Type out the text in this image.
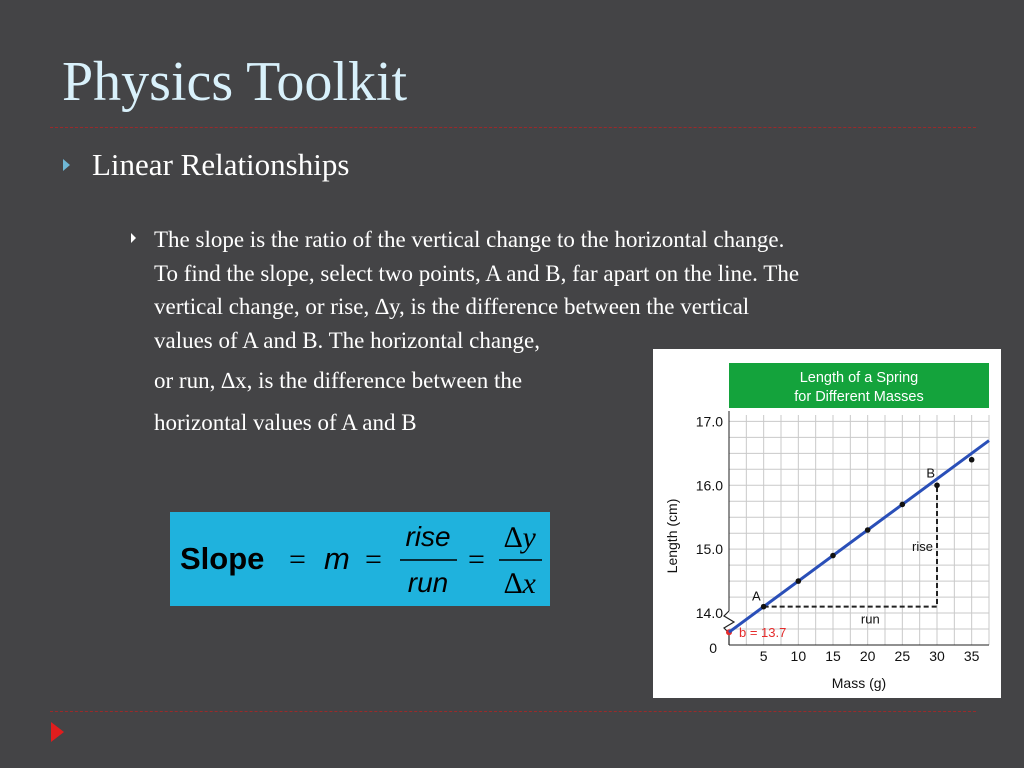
Physics Toolkit
Linear Relationships
The slope is the ratio of the vertical change to the horizontal change.
To find the slope, select two points, A and B, far apart on the line. The
vertical change, or rise, ∆y, is the difference between the vertical
values of A and B. The horizontal change,
or run, ∆x, is the difference between the
horizontal values of A and B
Slope = m =
rise
run
=
∆y
∆x
Length of a Spring
for Different Masses
5 10 15 20 25 30 35
0
14.0
15.0
16.0
17.0
A
B
rise
run
b = 13.7
Mass (g)
Length (cm)
